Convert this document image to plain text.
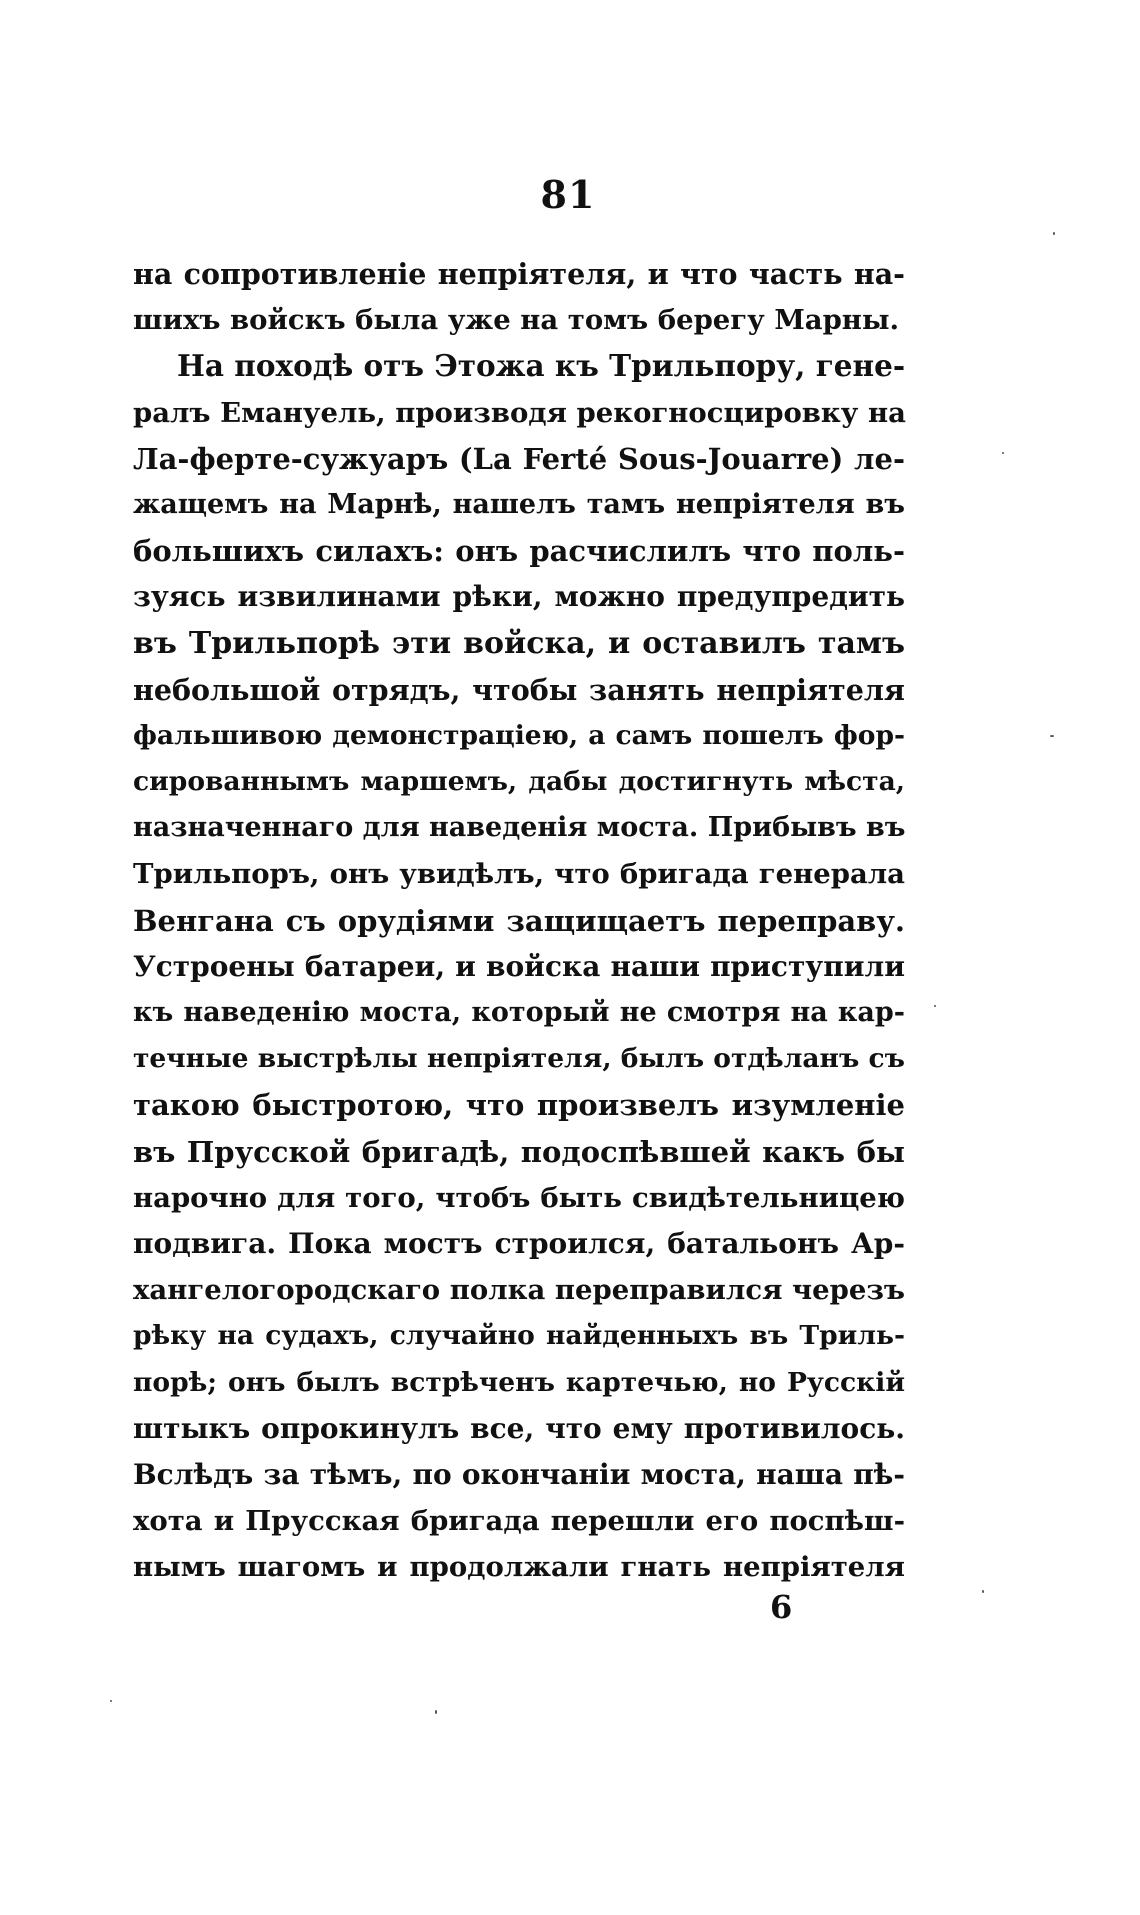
81
на сопротивленіе непріятеля, и что часть на-
шихъ войскъ была уже на томъ берегу Марны.
На походѣ отъ Этожа къ Трильпору, гене-
ралъ Емануель, производя рекогносцировку на
Ла-ферте-сужуаръ (La Ferté Sous-Jouarre) ле-
жащемъ на Марнѣ, нашелъ тамъ непріятеля въ
большихъ силахъ: онъ расчислилъ что поль-
зуясь извилинами рѣки, можно предупредить
въ Трильпорѣ эти войска, и оставилъ тамъ
небольшой отрядъ, чтобы занять непріятеля
фальшивою демонстраціею, а самъ пошелъ фор-
сированнымъ маршемъ, дабы достигнуть мѣста,
назначеннаго для наведенія моста. Прибывъ въ
Трильпоръ, онъ увидѣлъ, что бригада генерала
Венгана съ орудіями защищаетъ переправу.
Устроены батареи, и войска наши приступили
къ наведенію моста, который не смотря на кар-
течные выстрѣлы непріятеля, былъ отдѣланъ съ
такою быстротою, что произвелъ изумленіе
въ Прусской бригадѣ, подоспѣвшей какъ бы
нарочно для того, чтобъ быть свидѣтельницею
подвига. Пока мостъ строился, батальонъ Ар-
хангелогородскаго полка переправился черезъ
рѣку на судахъ, случайно найденныхъ въ Триль-
порѣ; онъ былъ встрѣченъ картечью, но Русскій
штыкъ опрокинулъ все, что ему противилось.
Вслѣдъ за тѣмъ, по окончаніи моста, наша пѣ-
хота и Прусская бригада перешли его поспѣш-
нымъ шагомъ и продолжали гнать непріятеля
6
